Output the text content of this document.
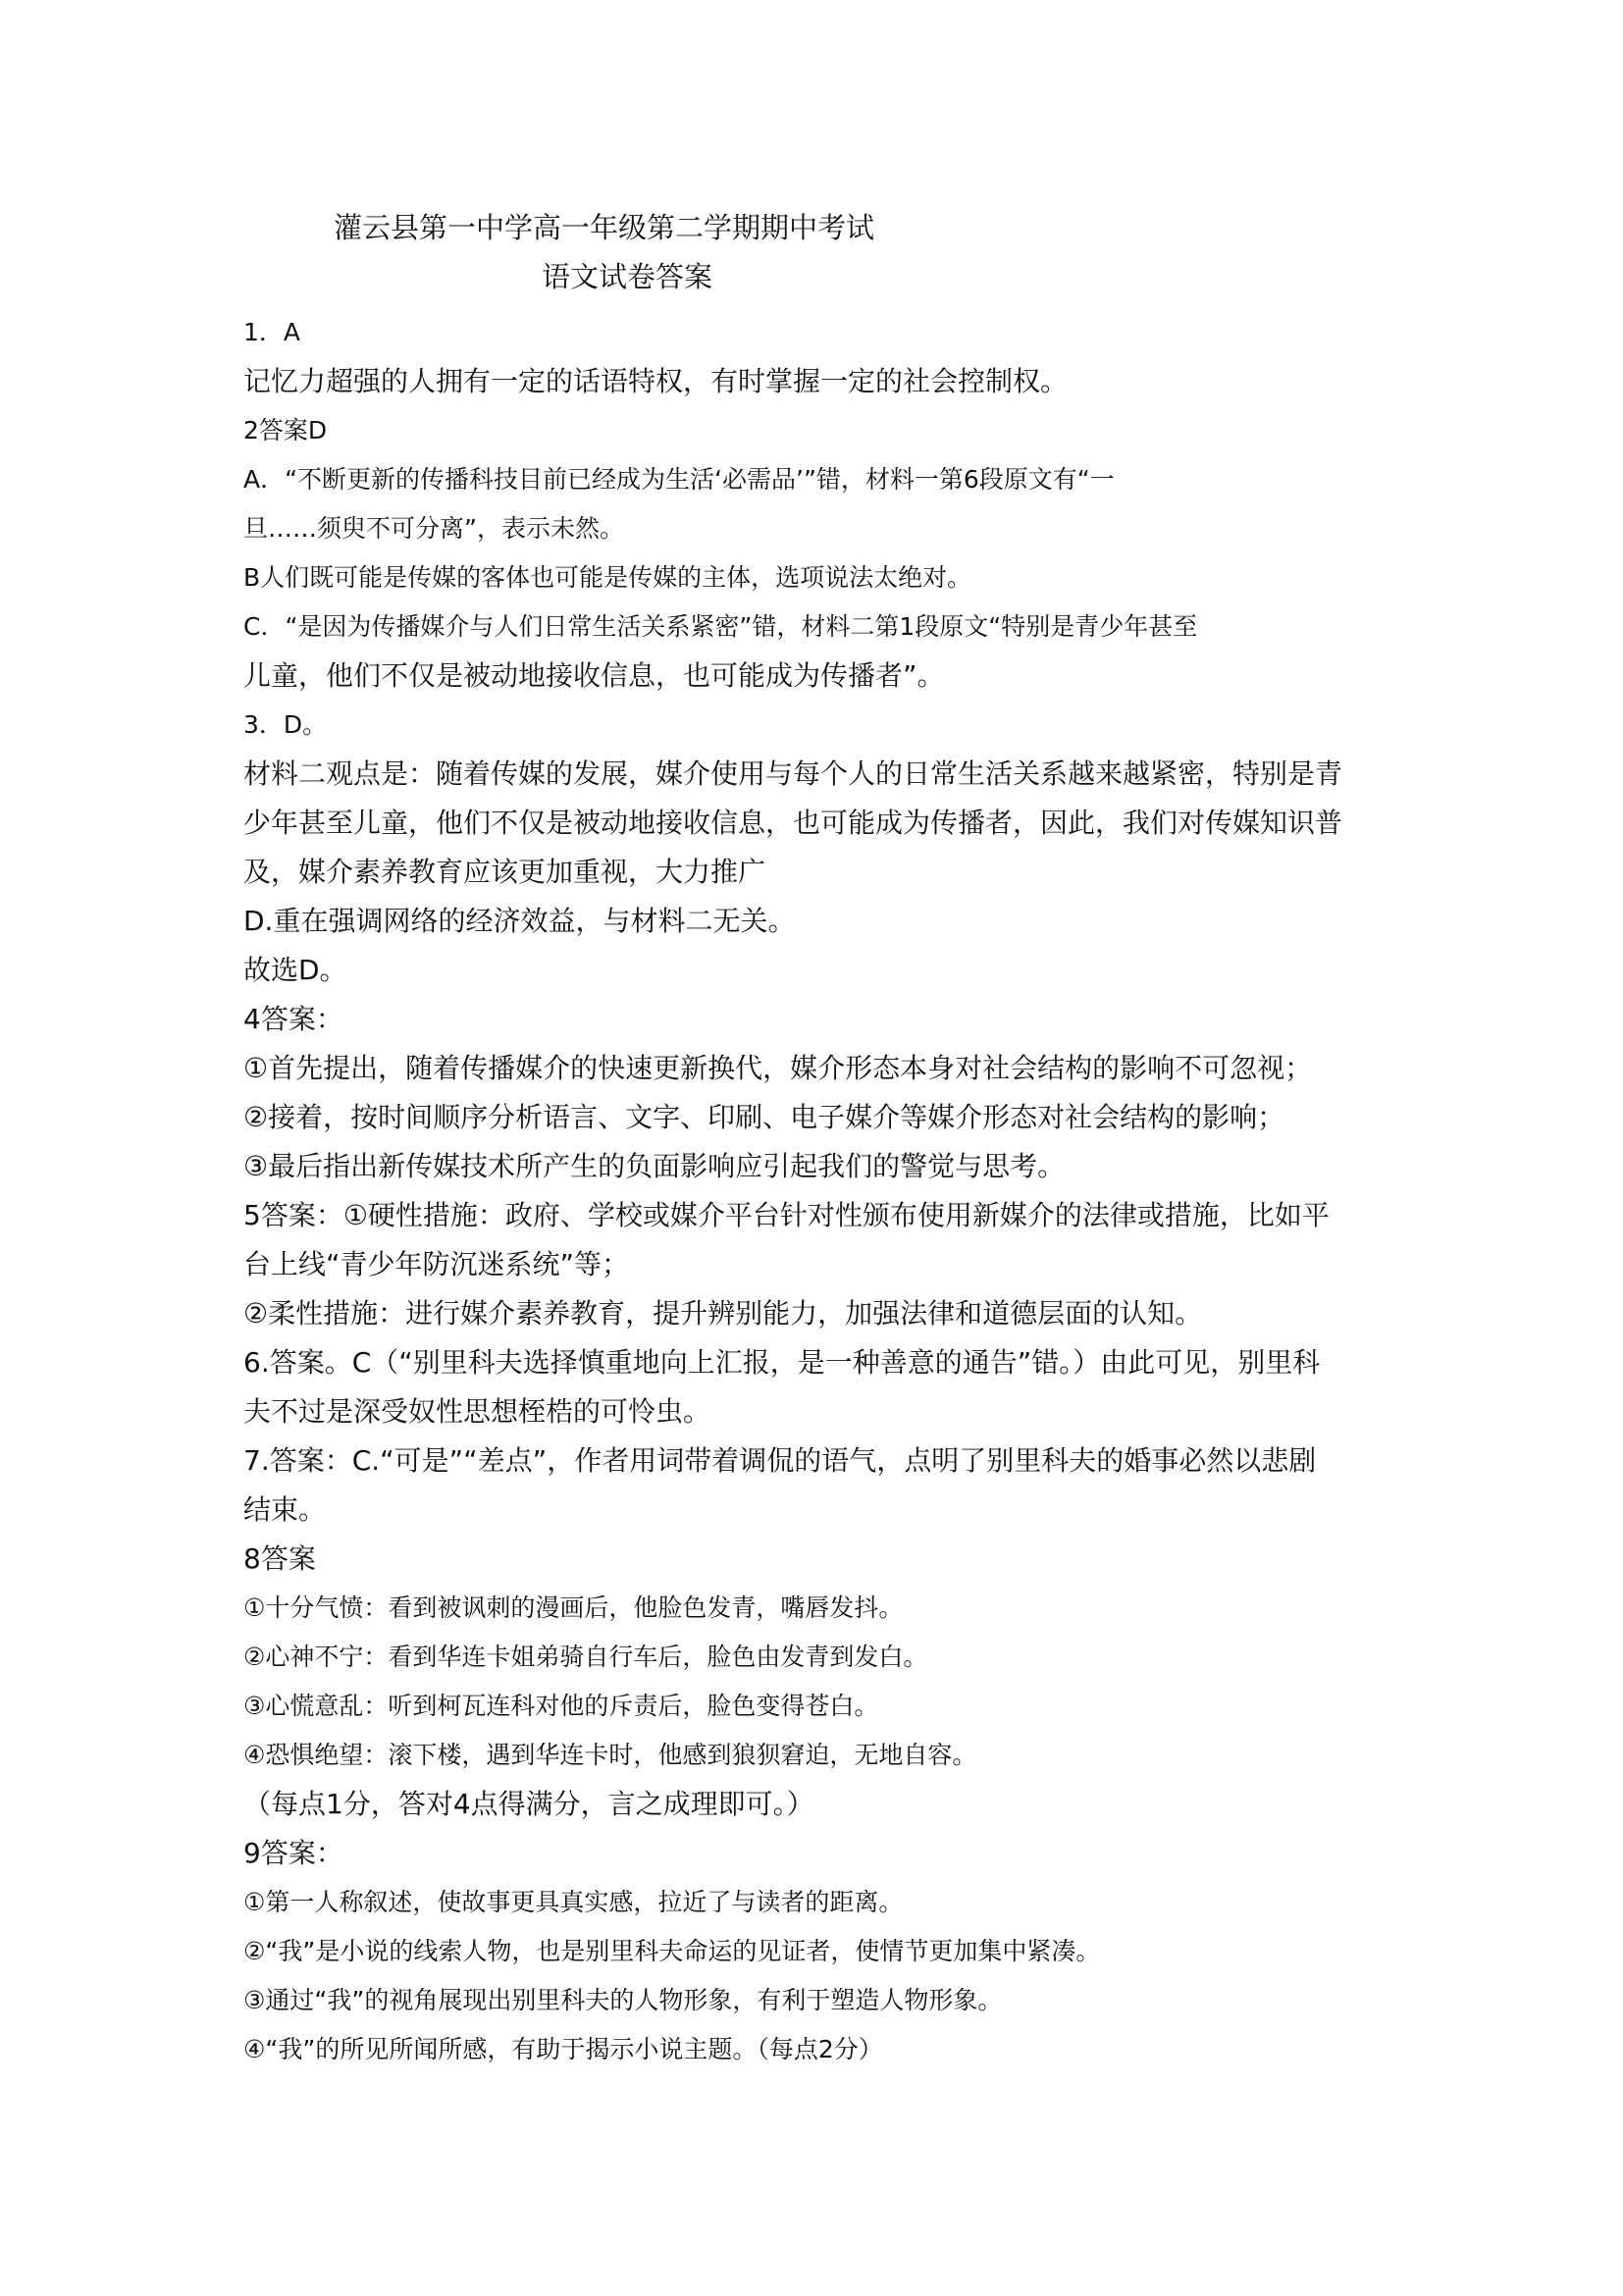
灌云县第一中学高一年级第二学期期中考试
语文试卷答案
1．A
记忆力超强的人拥有一定的话语特权，有时掌握一定的社会控制权。
2答案D
A．“不断更新的传播科技目前已经成为生活‘必需品’”错，材料一第6段原文有“一
旦……须臾不可分离”，表示未然。
B人们既可能是传媒的客体也可能是传媒的主体，选项说法太绝对。
C．“是因为传播媒介与人们日常生活关系紧密”错，材料二第1段原文“特别是青少年甚至
儿童，他们不仅是被动地接收信息，也可能成为传播者”。
3．D。
材料二观点是：随着传媒的发展，媒介使用与每个人的日常生活关系越来越紧密，特别是青
少年甚至儿童，他们不仅是被动地接收信息，也可能成为传播者，因此，我们对传媒知识普
及，媒介素养教育应该更加重视，大力推广
D.重在强调网络的经济效益，与材料二无关。
故选D。
4答案：
①首先提出，随着传播媒介的快速更新换代，媒介形态本身对社会结构的影响不可忽视；
②接着，按时间顺序分析语言、文字、印刷、电子媒介等媒介形态对社会结构的影响；
③最后指出新传媒技术所产生的负面影响应引起我们的警觉与思考。
5答案：①硬性措施：政府、学校或媒介平台针对性颁布使用新媒介的法律或措施，比如平
台上线“青少年防沉迷系统”等；
②柔性措施：进行媒介素养教育，提升辨别能力，加强法律和道德层面的认知。
6.答案。C（“别里科夫选择慎重地向上汇报，是一种善意的通告”错。）由此可见，别里科
夫不过是深受奴性思想桎梏的可怜虫。
7.答案：C.“可是”“差点”，作者用词带着调侃的语气，点明了别里科夫的婚事必然以悲剧
结束。
8答案
①十分气愤：看到被讽刺的漫画后，他脸色发青，嘴唇发抖。
②心神不宁：看到华连卡姐弟骑自行车后，脸色由发青到发白。
③心慌意乱：听到柯瓦连科对他的斥责后，脸色变得苍白。
④恐惧绝望：滚下楼，遇到华连卡时，他感到狼狈窘迫，无地自容。
（每点1分，答对4点得满分，言之成理即可。）
9答案：
①第一人称叙述，使故事更具真实感，拉近了与读者的距离。
②“我”是小说的线索人物，也是别里科夫命运的见证者，使情节更加集中紧凑。
③通过“我”的视角展现出别里科夫的人物形象，有利于塑造人物形象。
④“我”的所见所闻所感，有助于揭示小说主题。（每点2分）
